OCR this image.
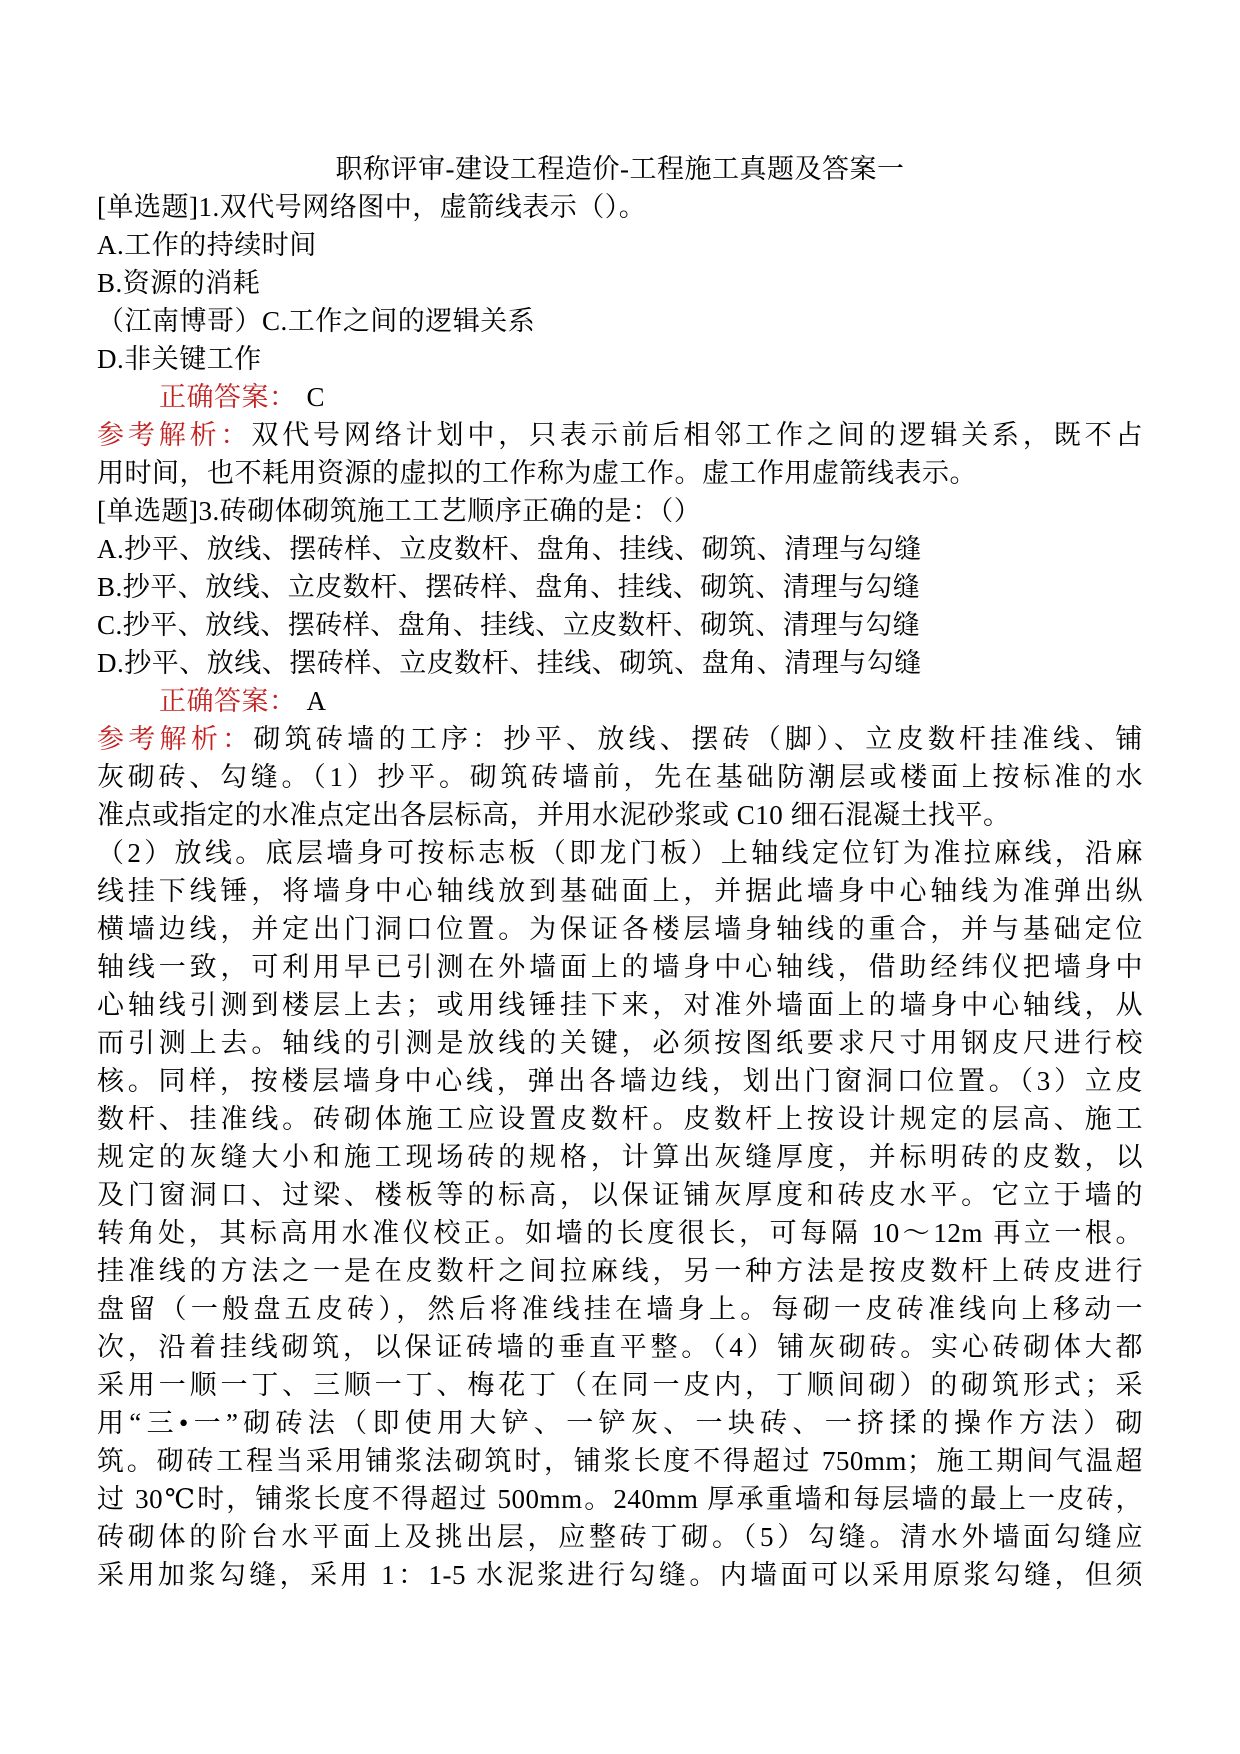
职称评审-建设工程造价-工程施工真题及答案一
[单选题]1.双代号网络图中，虚箭线表示（）。
A.工作的持续时间
B.资源的消耗
（江南博哥）C.工作之间的逻辑关系
D.非关键工作
正确答案： C
参考解析：双代号网络计划中，只表示前后相邻工作之间的逻辑关系，既不占
用时间，也不耗用资源的虚拟的工作称为虚工作。虚工作用虚箭线表示。
[单选题]3.砖砌体砌筑施工工艺顺序正确的是：（）
A.抄平、放线、摆砖样、立皮数杆、盘角、挂线、砌筑、清理与勾缝
B.抄平、放线、立皮数杆、摆砖样、盘角、挂线、砌筑、清理与勾缝
C.抄平、放线、摆砖样、盘角、挂线、立皮数杆、砌筑、清理与勾缝
D.抄平、放线、摆砖样、立皮数杆、挂线、砌筑、盘角、清理与勾缝
正确答案： A
参考解析：砌筑砖墙的工序：抄平、放线、摆砖（脚）、立皮数杆挂准线、铺
灰砌砖、勾缝。（1）抄平。砌筑砖墙前，先在基础防潮层或楼面上按标准的水
准点或指定的水准点定出各层标高，并用水泥砂浆或 C10 细石混凝土找平。
（2）放线。底层墙身可按标志板（即龙门板）上轴线定位钉为准拉麻线，沿麻
线挂下线锤，将墙身中心轴线放到基础面上，并据此墙身中心轴线为准弹出纵
横墙边线，并定出门洞口位置。为保证各楼层墙身轴线的重合，并与基础定位
轴线一致，可利用早已引测在外墙面上的墙身中心轴线，借助经纬仪把墙身中
心轴线引测到楼层上去；或用线锤挂下来，对准外墙面上的墙身中心轴线，从
而引测上去。轴线的引测是放线的关键，必须按图纸要求尺寸用钢皮尺进行校
核。同样，按楼层墙身中心线，弹出各墙边线，划出门窗洞口位置。（3）立皮
数杆、挂准线。砖砌体施工应设置皮数杆。皮数杆上按设计规定的层高、施工
规定的灰缝大小和施工现场砖的规格，计算出灰缝厚度，并标明砖的皮数，以
及门窗洞口、过梁、楼板等的标高，以保证铺灰厚度和砖皮水平。它立于墙的
转角处，其标高用水准仪校正。如墙的长度很长，可每隔 10～12m 再立一根。
挂准线的方法之一是在皮数杆之间拉麻线，另一种方法是按皮数杆上砖皮进行
盘留（一般盘五皮砖），然后将准线挂在墙身上。每砌一皮砖准线向上移动一
次，沿着挂线砌筑，以保证砖墙的垂直平整。（4）铺灰砌砖。实心砖砌体大都
采用一顺一丁、三顺一丁、梅花丁（在同一皮内，丁顺间砌）的砌筑形式；采
用“三•一”砌砖法（即使用大铲、一铲灰、一块砖、一挤揉的操作方法）砌
筑。砌砖工程当采用铺浆法砌筑时，铺浆长度不得超过 750mm；施工期间气温超
过 30℃时，铺浆长度不得超过 500mm。240mm 厚承重墙和每层墙的最上一皮砖，
砖砌体的阶台水平面上及挑出层，应整砖丁砌。（5）勾缝。清水外墙面勾缝应
采用加浆勾缝，采用 1：1-5 水泥浆进行勾缝。内墙面可以采用原浆勾缝，但须
